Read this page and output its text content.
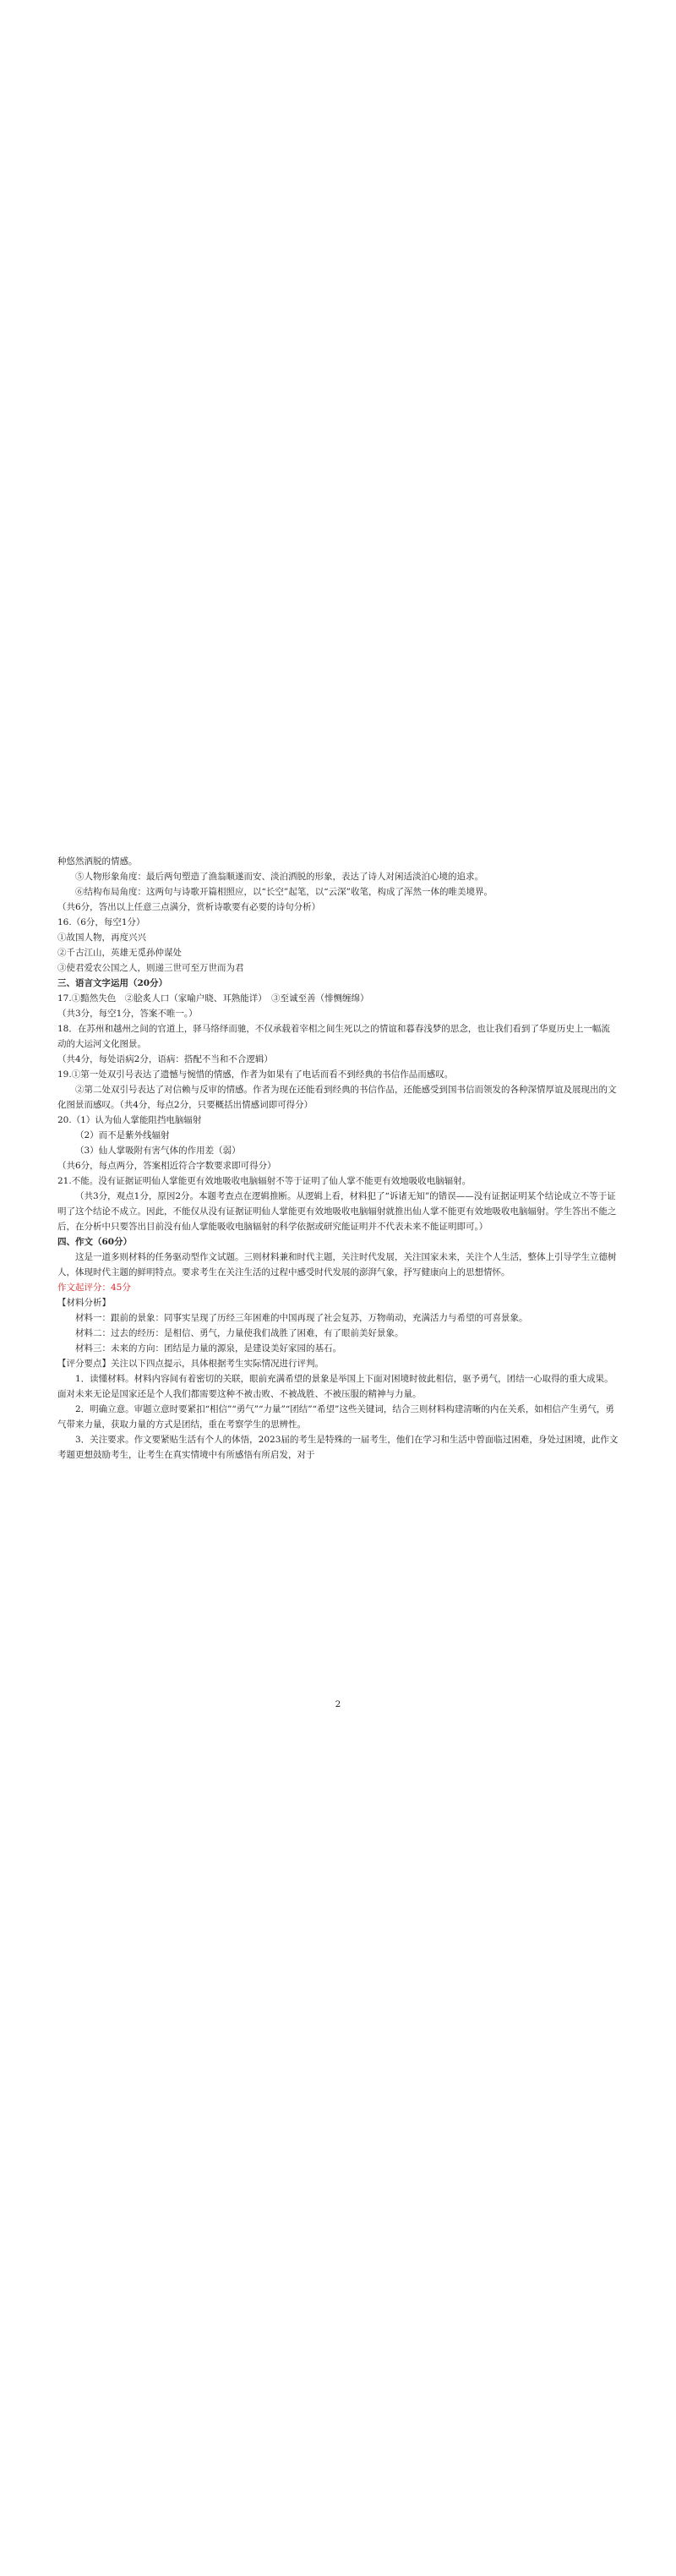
种悠然洒脱的情感。

⑤人物形象角度：最后两句塑造了渔翁顺遂而安、淡泊洒脱的形象，表达了诗人对闲适淡泊心境的追求。

⑥结构布局角度：这两句与诗歌开篇相照应，以“长空”起笔，以“云深”收笔，构成了浑然一体的唯美境界。

（共6分，答出以上任意三点满分，赏析诗歌要有必要的诗句分析）

16.（6分，每空1分）

①故国人物，再度兴兴

②千古江山，英雄无觅孙仲谋处

③使君爱农公国之人，则递三世可至万世而为君

三、语言文字运用（20分）

17.①黯然失色　②脍炙人口（家喻户晓、耳熟能详）　③至诚至善（悱恻缠绵）

（共3分，每空1分，答案不唯一。）

18．在苏州和越州之间的官道上，驿马络绎而驰，不仅承载着宰相之间生死以之的情谊和暮春浅梦的思念，也让我们看到了华夏历史上一幅流动的大运河文化图景。

（共4分，每处语病2分，语病：搭配不当和不合逻辑）

19.①第一处双引号表达了遗憾与惋惜的情感，作者为如果有了电话而看不到经典的书信作品而感叹。

②第二处双引号表达了对信赖与反审的情感。作者为现在还能看到经典的书信作品，还能感受到国书信而领发的各种深情厚谊及展现出的文化图景而感叹。（共4分，每点2分，只要概括出情感词即可得分）

20.（1）认为仙人掌能阻挡电脑辐射

（2）而不是紫外线辐射

（3）仙人掌吸附有害气体的作用差（弱）

（共6分，每点两分，答案相近符合字数要求即可得分）

21.不能。没有证据证明仙人掌能更有效地吸收电脑辐射不等于证明了仙人掌不能更有效地吸收电脑辐射。

（共3分，观点1分，原因2分。本题考查点在逻辑推断。从逻辑上看，材料犯了“诉诸无知”的错误——没有证据证明某个结论成立不等于证明了这个结论不成立。因此，不能仅从没有证据证明仙人掌能更有效地吸收电脑辐射就推出仙人掌不能更有效地吸收电脑辐射。学生答出不能之后，在分析中只要答出目前没有仙人掌能吸收电脑辐射的科学依据或研究能证明并不代表未来不能证明即可。）

四、作文（60分）

这是一道多则材料的任务驱动型作文试题。三则材料兼和时代主题，关注时代发展，关注国家未来，关注个人生活，整体上引导学生立德树人，体现时代主题的鲜明特点。要求考生在关注生活的过程中感受时代发展的澎湃气象，抒写健康向上的思想情怀。

作文起评分：45分

【材料分析】

材料一：跟前的景象：同事实呈现了历经三年困难的中国再现了社会复苏，万物萌动，充满活力与希望的可喜景象。

材料二：过去的经历：是相信、勇气，力量使我们战胜了困难，有了眼前美好景象。

材料三：未来的方向：团结是力量的源泉，是建设美好家园的基石。

【评分要点】关注以下四点提示，具体根据考生实际情况进行评判。

1．读懂材料。材料内容间有着密切的关联，眼前充满希望的景象是举国上下面对困境时彼此相信，驱予勇气，团结一心取得的重大成果。面对未来无论是国家还是个人我们都需要这种不被击败、不被战胜、不被压服的精神与力量。

2．明确立意。审题立意时要紧扣“相信”“勇气”“力量”“团结”“希望”这些关键词，结合三则材料构建清晰的内在关系，如相信产生勇气，勇气带来力量，获取力量的方式是团结，重在考察学生的思辨性。

3．关注要求。作文要紧贴生活有个人的体悟，2023届的考生是特殊的一届考生，他们在学习和生活中曾面临过困难，身处过困境，此作文考题更想鼓励考生，让考生在真实情境中有所感悟有所启发，对于

2
